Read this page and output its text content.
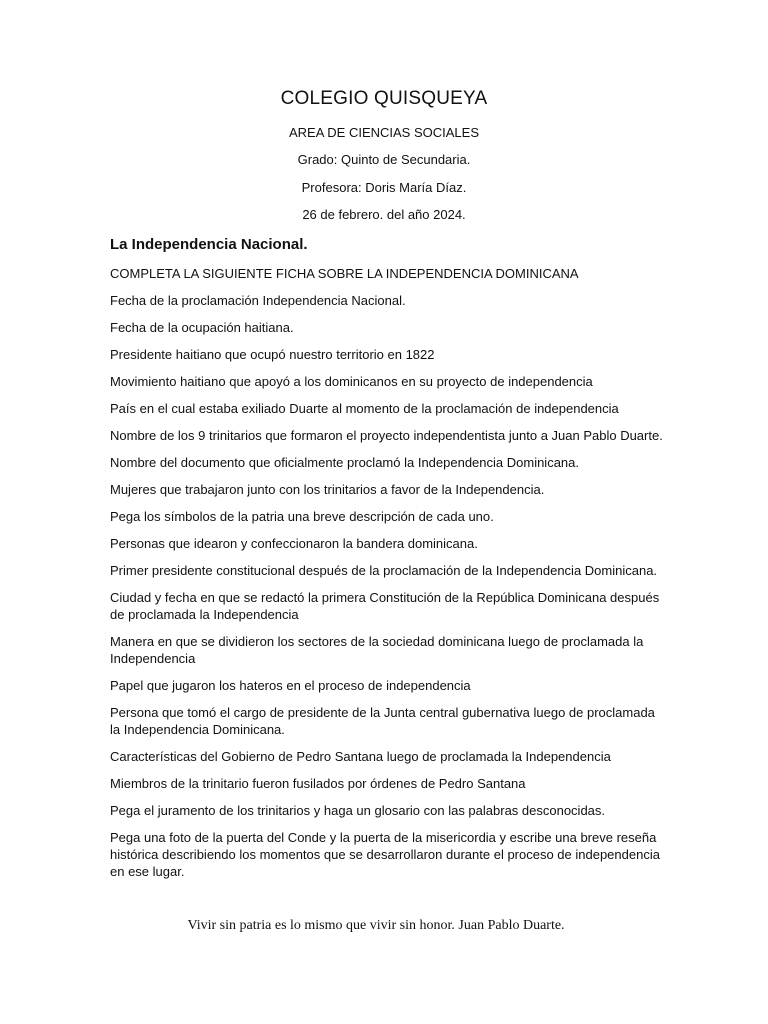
COLEGIO QUISQUEYA
AREA DE CIENCIAS SOCIALES
Grado: Quinto de Secundaria.
Profesora: Doris María Díaz.
26 de febrero. del año 2024.
La Independencia Nacional.
COMPLETA LA SIGUIENTE FICHA SOBRE LA INDEPENDENCIA DOMINICANA
Fecha de la proclamación Independencia Nacional.
Fecha de la ocupación haitiana.
Presidente haitiano que ocupó nuestro territorio en 1822
Movimiento haitiano que apoyó a los dominicanos en su proyecto de independencia
País en el cual estaba exiliado Duarte al momento de la proclamación de independencia
Nombre de los 9 trinitarios que formaron el proyecto independentista junto a Juan Pablo Duarte.
Nombre del documento que oficialmente proclamó la Independencia Dominicana.
Mujeres que trabajaron junto con los trinitarios a favor de la Independencia.
Pega los símbolos de la patria una breve descripción de cada uno.
Personas que idearon y confeccionaron la bandera dominicana.
Primer presidente constitucional después de la proclamación de la Independencia Dominicana.
Ciudad y fecha en que se redactó la primera Constitución de la República Dominicana después de proclamada la Independencia
Manera en que se dividieron los sectores de la sociedad dominicana luego de proclamada la Independencia
Papel que jugaron los hateros en el proceso de independencia
Persona que tomó el cargo de presidente de la Junta central gubernativa luego de proclamada la Independencia Dominicana.
Características del Gobierno de Pedro Santana luego de proclamada la Independencia
Miembros de la trinitario fueron fusilados por órdenes de Pedro Santana
Pega el juramento de los trinitarios y haga un glosario con las palabras desconocidas.
Pega una foto de la puerta del Conde y la puerta de la misericordia y escribe una breve reseña histórica describiendo los momentos que se desarrollaron durante el proceso de independencia en ese lugar.
Vivir sin patria es lo mismo que vivir sin honor. Juan Pablo Duarte.
